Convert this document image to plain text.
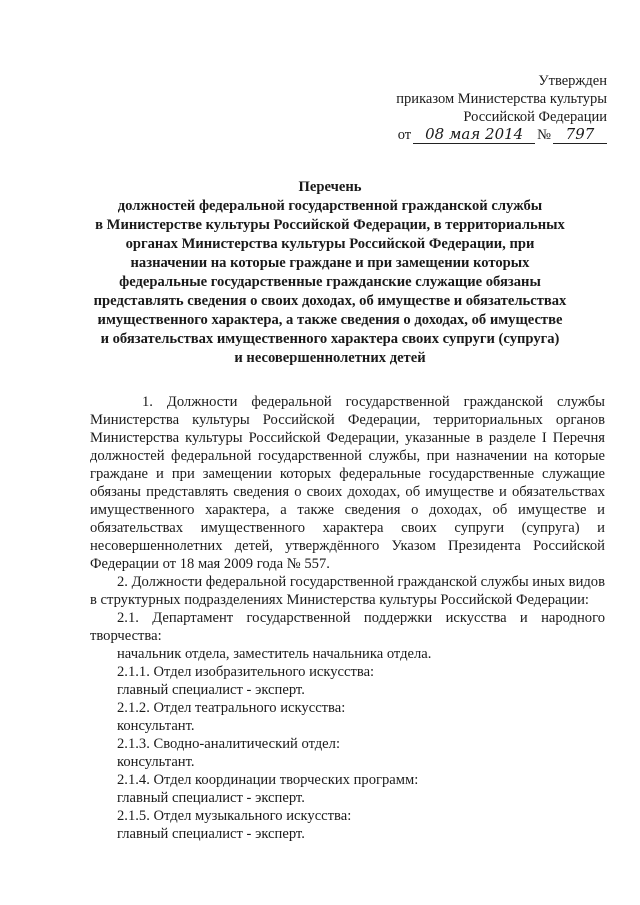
Утвержден
приказом Министерства культуры
Российской Федерации
от 08 мая 2014 № 797
Перечень
должностей федеральной государственной гражданской службы
в Министерстве культуры Российской Федерации, в территориальных
органах Министерства культуры Российской Федерации, при
назначении на которые граждане и при замещении которых
федеральные государственные гражданские служащие обязаны
представлять сведения о своих доходах, об имуществе и обязательствах
имущественного характера, а также сведения о доходах, об имуществе
и обязательствах имущественного характера своих супруги (супруга)
и несовершеннолетних детей

1. Должности федеральной государственной гражданской службы Министерства культуры Российской Федерации, территориальных органов Министерства культуры Российской Федерации, указанные в разделе I Перечня должностей федеральной государственной службы, при назначении на которые граждане и при замещении которых федеральные государственные служащие обязаны представлять сведения о своих доходах, об имуществе и обязательствах имущественного характера, а также сведения о доходах, об имуществе и обязательствах имущественного характера своих супруги (супруга) и несовершеннолетних детей, утверждённого Указом Президента Российской Федерации от 18 мая 2009 года № 557.

2. Должности федеральной государственной гражданской службы иных видов в структурных подразделениях Министерства культуры Российской Федерации:

2.1. Департамент государственной поддержки искусства и народного творчества:

начальник отдела, заместитель начальника отдела.

2.1.1. Отдел изобразительного искусства:

главный специалист - эксперт.

2.1.2. Отдел театрального искусства:

консультант.

2.1.3. Сводно-аналитический отдел:

консультант.

2.1.4. Отдел координации творческих программ:

главный специалист - эксперт.

2.1.5. Отдел музыкального искусства:

главный специалист - эксперт.
